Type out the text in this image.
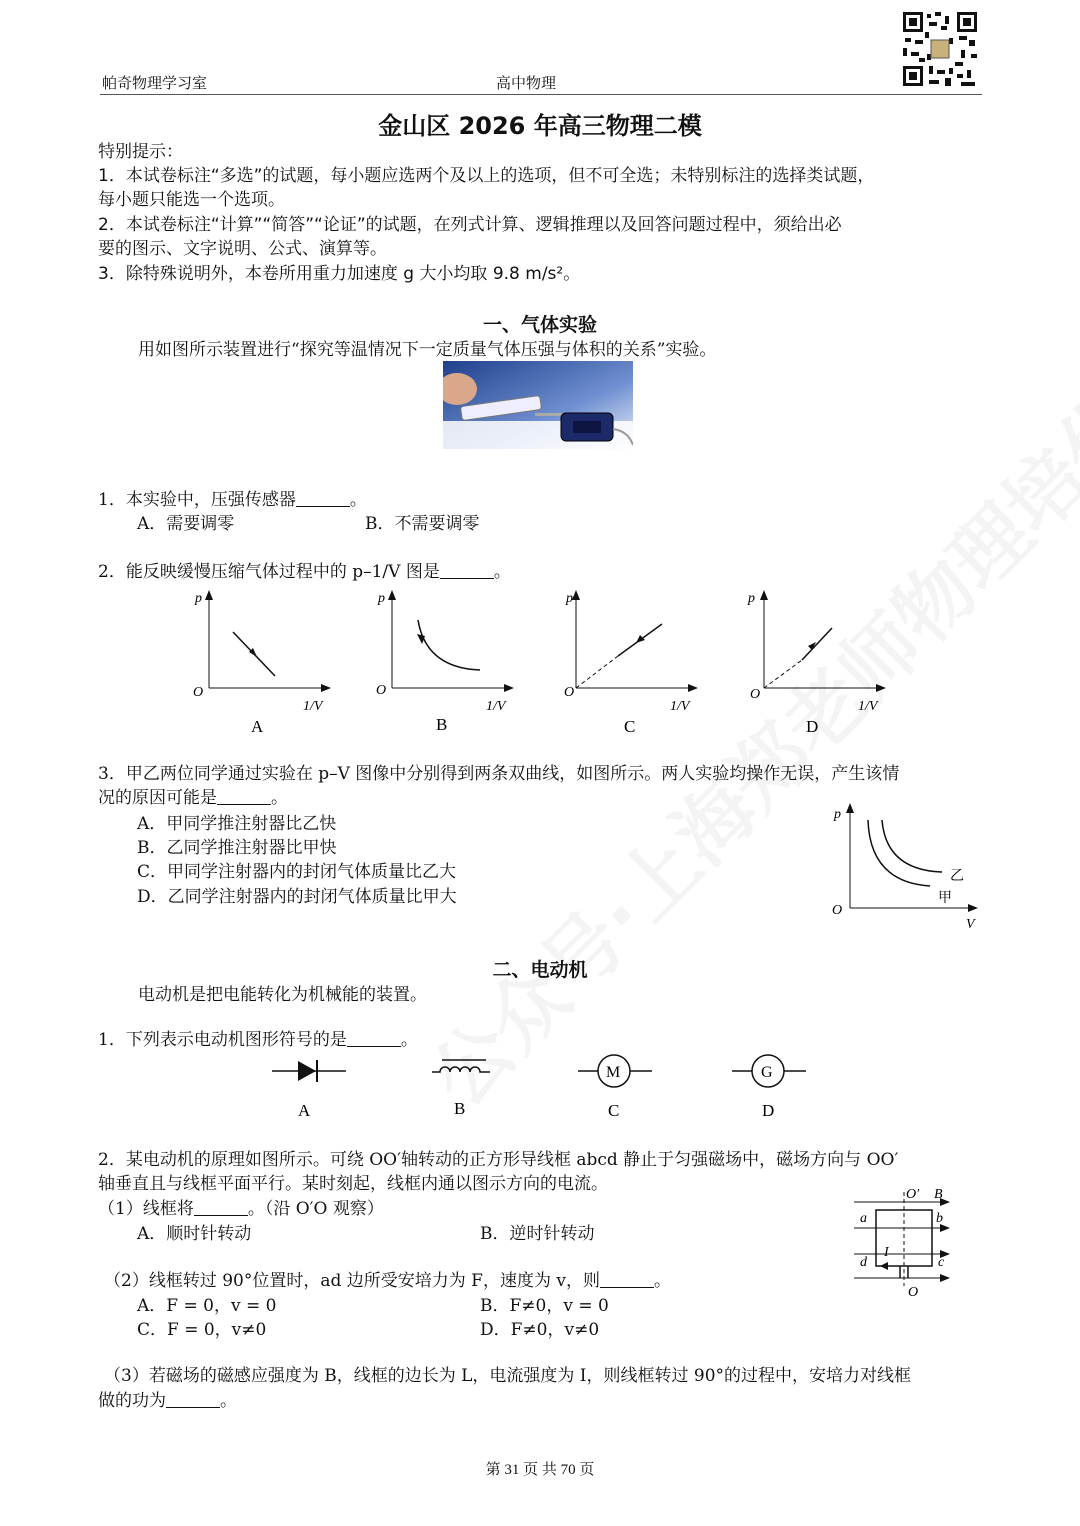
帕奇物理学习室	高中物理
金山区 2026 年高三物理二模
特别提示：
1．本试卷标注“多选”的试题，每小题应选两个及以上的选项，但不可全选；未特别标注的选择类试题，
每小题只能选一个选项。
2．本试卷标注“计算”“简答”“论证”的试题，在列式计算、逻辑推理以及回答问题过程中，须给出必
要的图示、文字说明、公式、演算等。
3．除特殊说明外，本卷所用重力加速度 g 大小均取 9.8 m/s²。
一、气体实验
用如图所示装置进行“探究等温情况下一定质量气体压强与体积的关系”实验。
1．本实验中，压强传感器	。
A．需要调零	B．不需要调零
2．能反映缓慢压缩气体过程中的 p–1/V 图是	。
p
O
1/V
A
p
O
1/V
B
p
O
1/V
C
p
O
1/V
D
3．甲乙两位同学通过实验在 p–V 图像中分别得到两条双曲线，如图所示。两人实验均操作无误，产生该情
况的原因可能是	。
A．甲同学推注射器比乙快
B．乙同学推注射器比甲快
C．甲同学注射器内的封闭气体质量比乙大
D．乙同学注射器内的封闭气体质量比甲大
p
O
V
乙
甲
二、电动机
电动机是把电能转化为机械能的装置。
1．下列表示电动机图形符号的是	。
A	B
M
C
G
D
2．某电动机的原理如图所示。可绕 OO′轴转动的正方形导线框 abcd 静止于匀强磁场中，磁场方向与 OO′
轴垂直且与线框平面平行。某时刻起，线框内通以图示方向的电流。
（1）线框将	。（沿 O′O 观察）
A．顺时针转动	B．逆时针转动
（2）线框转过 90°位置时，ad 边所受安培力为 F，速度为 v，则	。
A．F = 0，v = 0	B．F≠0，v = 0
C．F = 0，v≠0	D．F≠0，v≠0
（3）若磁场的磁感应强度为 B，线框的边长为 L，电流强度为 I，则线框转过 90°的过程中，安培力对线框
做的功为	。
O′ B
a	b
c
d
I
O
第 31 页 共 70 页
